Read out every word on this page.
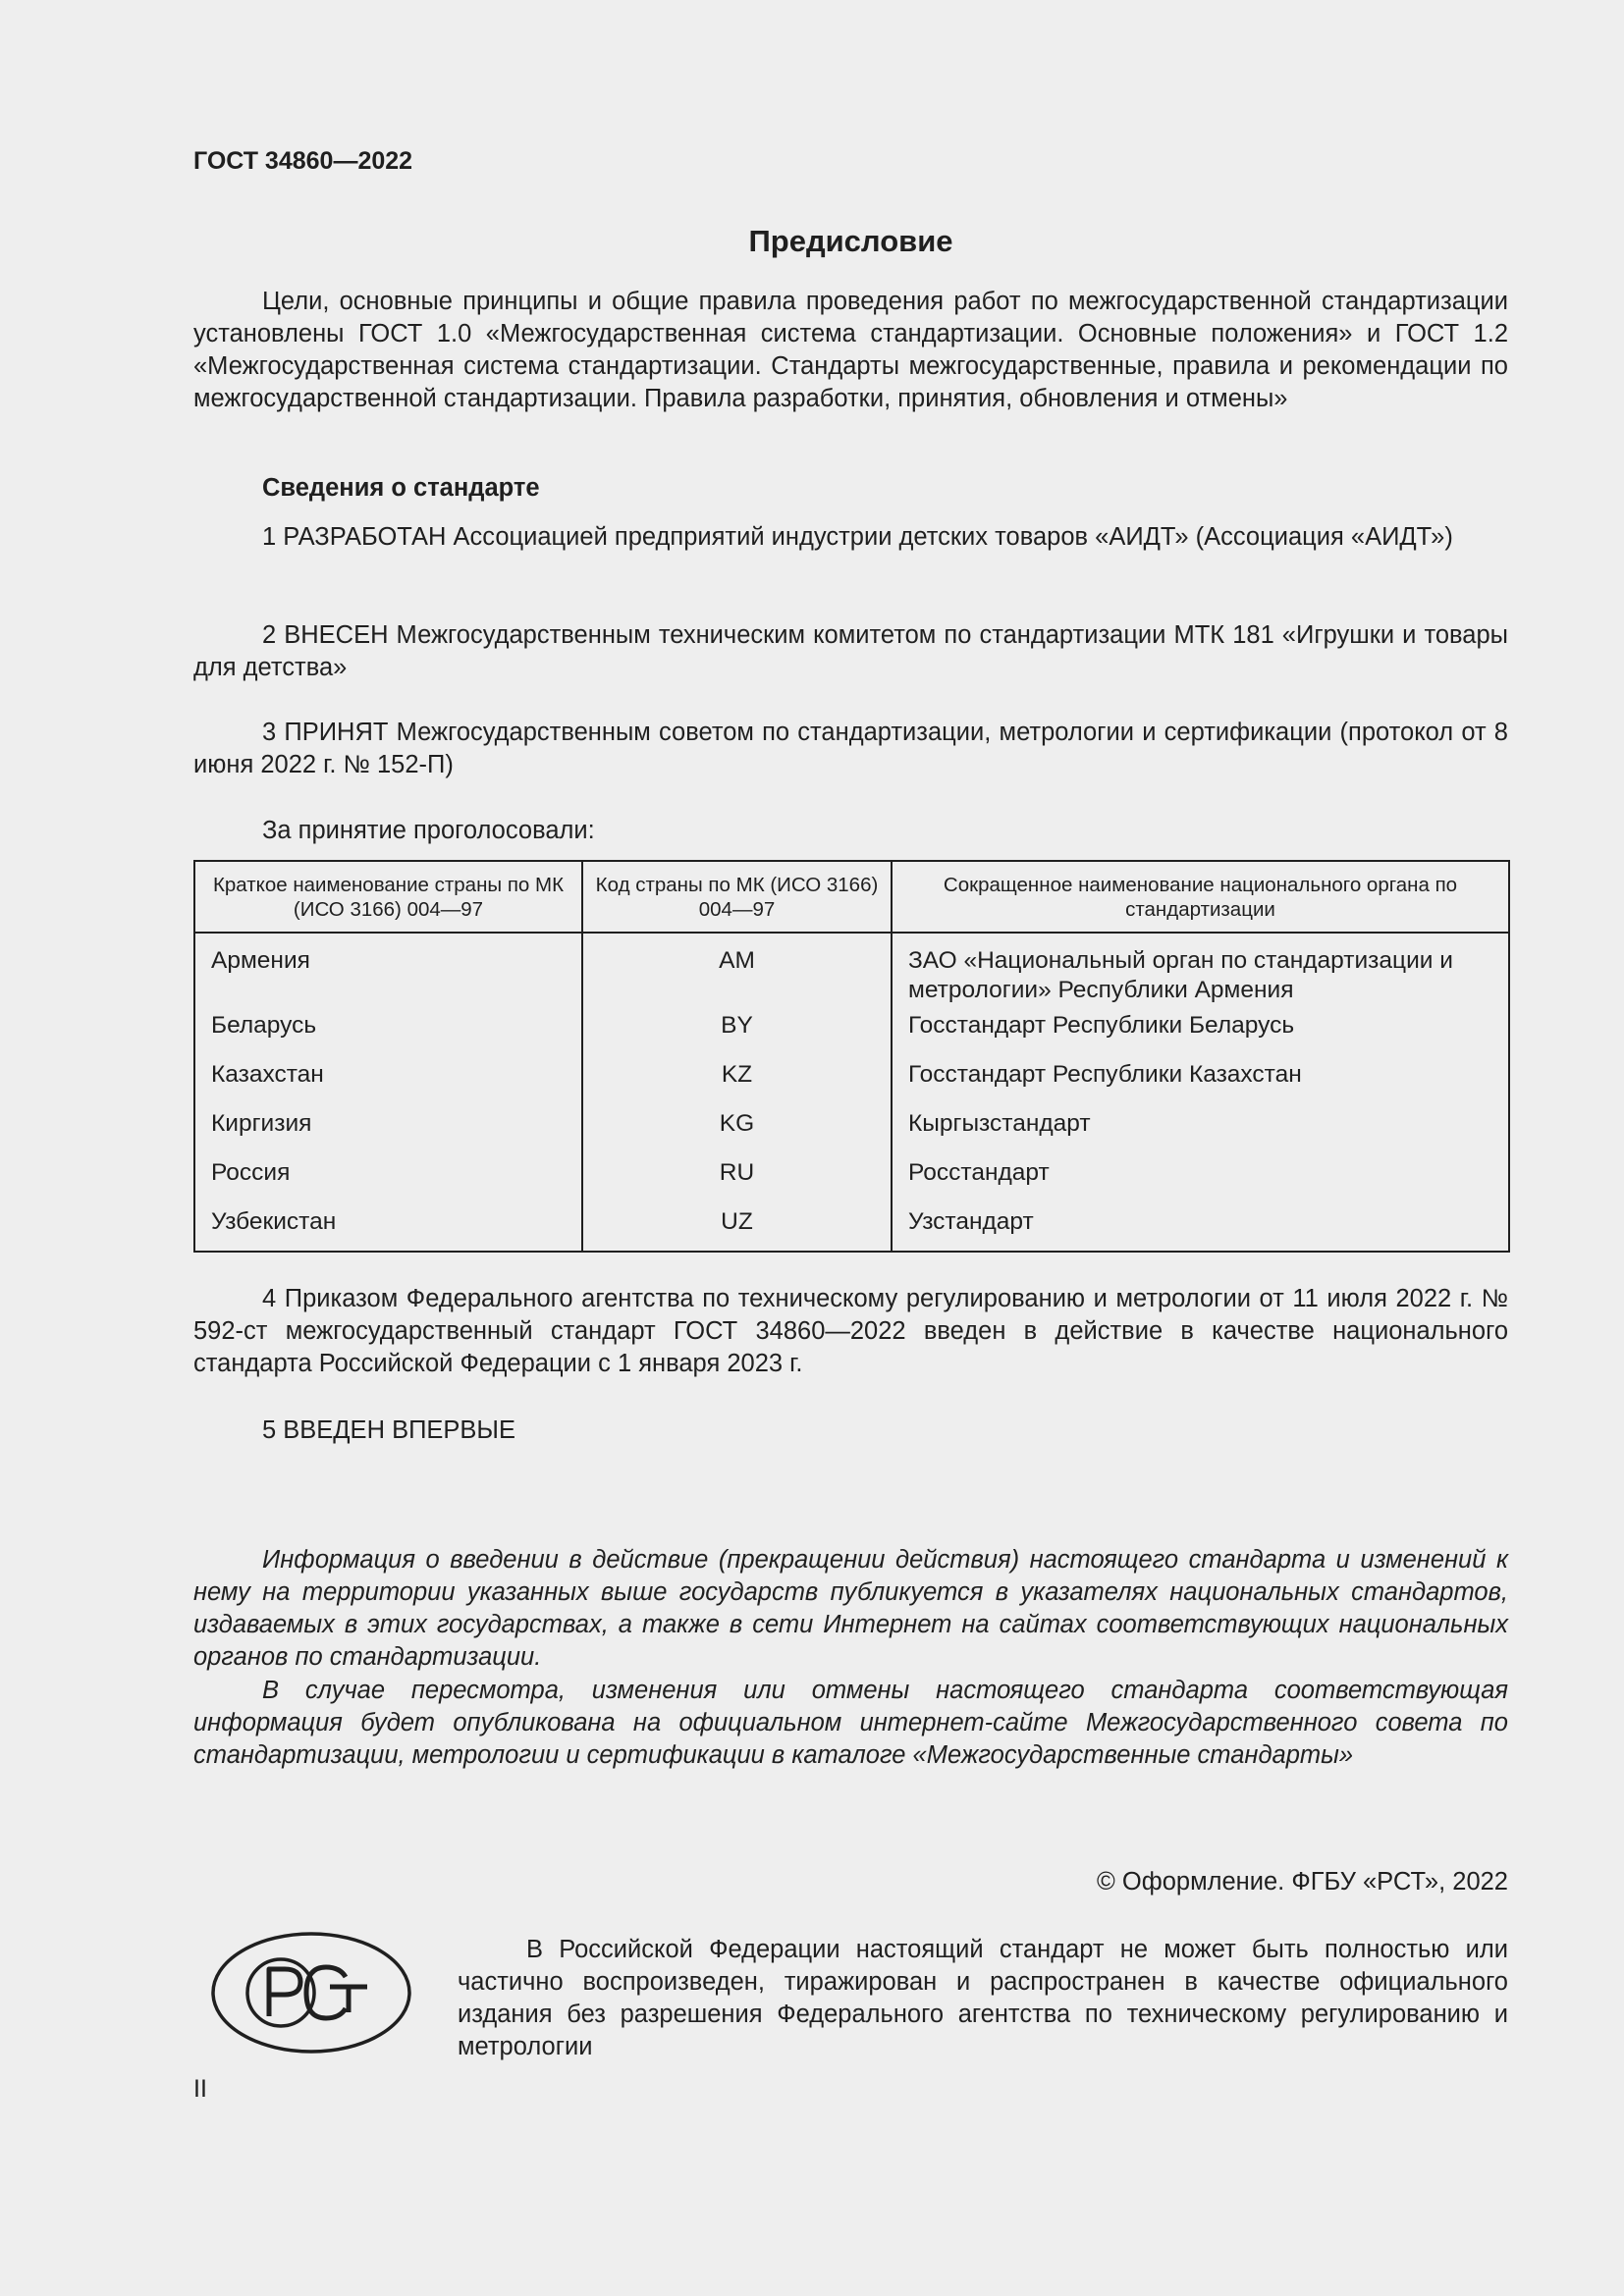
ГОСТ 34860—2022
Предисловие

Цели, основные принципы и общие правила проведения работ по межгосударственной стандартизации установлены ГОСТ 1.0 «Межгосударственная система стандартизации. Основные положения» и ГОСТ 1.2 «Межгосударственная система стандартизации. Стандарты межгосударственные, правила и рекомендации по межгосударственной стандартизации. Правила разработки, принятия, обновления и отмены»

Сведения о стандарте

1 РАЗРАБОТАН Ассоциацией предприятий индустрии детских товаров «АИДТ» (Ассоциация «АИДТ»)

2 ВНЕСЕН Межгосударственным техническим комитетом по стандартизации МТК 181 «Игрушки и товары для детства»

3 ПРИНЯТ Межгосударственным советом по стандартизации, метрологии и сертификации (протокол от 8 июня 2022 г. № 152-П)

За принятие проголосовали:
Краткое наименование страны по МК (ИСО 3166) 004—97	Код страны по МК (ИСО 3166) 004—97	Сокращенное наименование национального органа по стандартизации
Армения	AM	ЗАО «Национальный орган по стандартизации и метрологии» Республики Армения
Беларусь	BY	Госстандарт Республики Беларусь
Казахстан	KZ	Госстандарт Республики Казахстан
Киргизия	KG	Кыргызстандарт
Россия	RU	Росстандарт
Узбекистан	UZ	Узстандарт

4 Приказом Федерального агентства по техническому регулированию и метрологии от 11 июля 2022 г. № 592-ст межгосударственный стандарт ГОСТ 34860—2022 введен в действие в качестве национального стандарта Российской Федерации с 1 января 2023 г.

5 ВВЕДЕН ВПЕРВЫЕ

Информация о введении в действие (прекращении действия) настоящего стандарта и изменений к нему на территории указанных выше государств публикуется в указателях национальных стандартов, издаваемых в этих государствах, а также в сети Интернет на сайтах соответствующих национальных органов по стандартизации.

В случае пересмотра, изменения или отмены настоящего стандарта соответствующая информация будет опубликована на официальном интернет-сайте Межгосударственного совета по стандартизации, метрологии и сертификации в каталоге «Межгосударственные стандарты»

© Оформление. ФГБУ «РСТ», 2022

В Российской Федерации настоящий стандарт не может быть полностью или частично воспроизведен, тиражирован и распространен в качестве официального издания без разрешения Федерального агентства по техническому регулированию и метрологии

II
